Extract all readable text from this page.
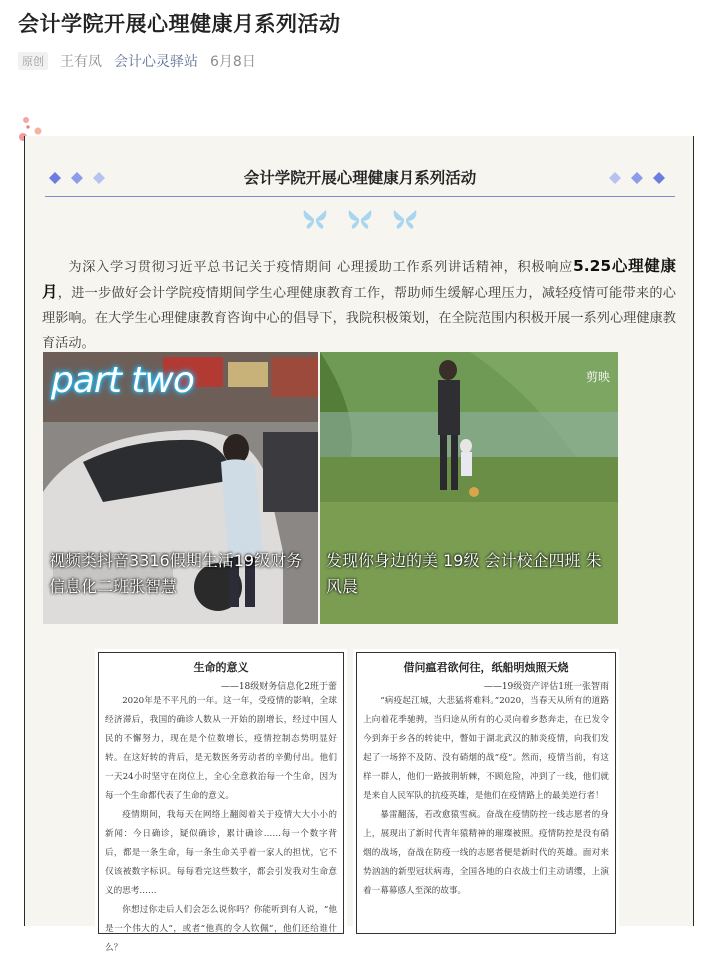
会计学院开展心理健康月系列活动
原创 王有凤 会计心灵驿站 6月8日
会计学院开展心理健康月系列活动

为深入学习贯彻习近平总书记关于疫情期间 心理援助工作系列讲话精神，积极响应5.25心理健康月，进一步做好会计学院疫情期间学生心理健康教育工作，帮助师生缓解心理压力，减轻疫情可能带来的心理影响。在大学生心理健康教育咨询中心的倡导下，我院积极策划，在全院范围内积极开展一系列心理健康教育活动。

part two
视频类抖音3316假期生活19级财务信息化二班张智慧
剪映
发现你身边的美 19级 会计校企四班 朱风晨
生命的意义
——18级财务信息化2班于蕾

2020年是不平凡的一年。这一年，受疫情的影响，全球经济滞后，我国的确诊人数从一开始的剧增长，经过中国人民的不懈努力，现在是个位数增长，疫情控制态势明显好转。在这好转的背后，是无数医务劳动者的辛勤付出。他们一天24小时坚守在岗位上，全心全意救治每一个生命，因为每一个生命都代表了生命的意义。

疫情期间，我每天在网络上翻阅着关于疫情大大小小的新闻：今日确诊，疑似确诊，累计确诊……每一个数字背后，都是一条生命，每一条生命关乎着一家人的担忧，它不仅该被数字标识。每每看完这些数字，都会引发我对生命意义的思考……

你想过你走后人们会怎么说你吗？你能听到有人说，“他是一个伟大的人”，或者“他真的令人钦佩”，他们还给谁什么？

借问瘟君欲何往，纸船明烛照天烧
——19级资产评估1班一张智雨

“病疫起江城，大悲猛将难料。”2020，当春天从所有的道路上向着花季驰骋，当归途从所有的心灵向着乡愁奔走，在已发令今到奔于乡各的转徒中，瞥如于湖北武汉的肺炎疫情，向我们发起了一场猝不及防、没有硝烟的战“疫”。然而，疫情当前，有这样一群人，他们一路披荆斩棘，不顾危险，冲到了一线，他们就是来自人民军队的抗疫英雄，是他们在疫情路上的最美逆行者！

暴雷翻荡，若改愈猿雪疯。奋战在疫情防控一线志愿者的身上，展现出了新时代青年猿精神的璀璨被照。疫情防控是没有硝烟的战场，奋战在防疫一线的志愿者便是新时代的英雄。面对来势汹汹的新型冠状病毒，全国各地的白衣战士们主动请缨，上演着一幕幕感人至深的故事。
